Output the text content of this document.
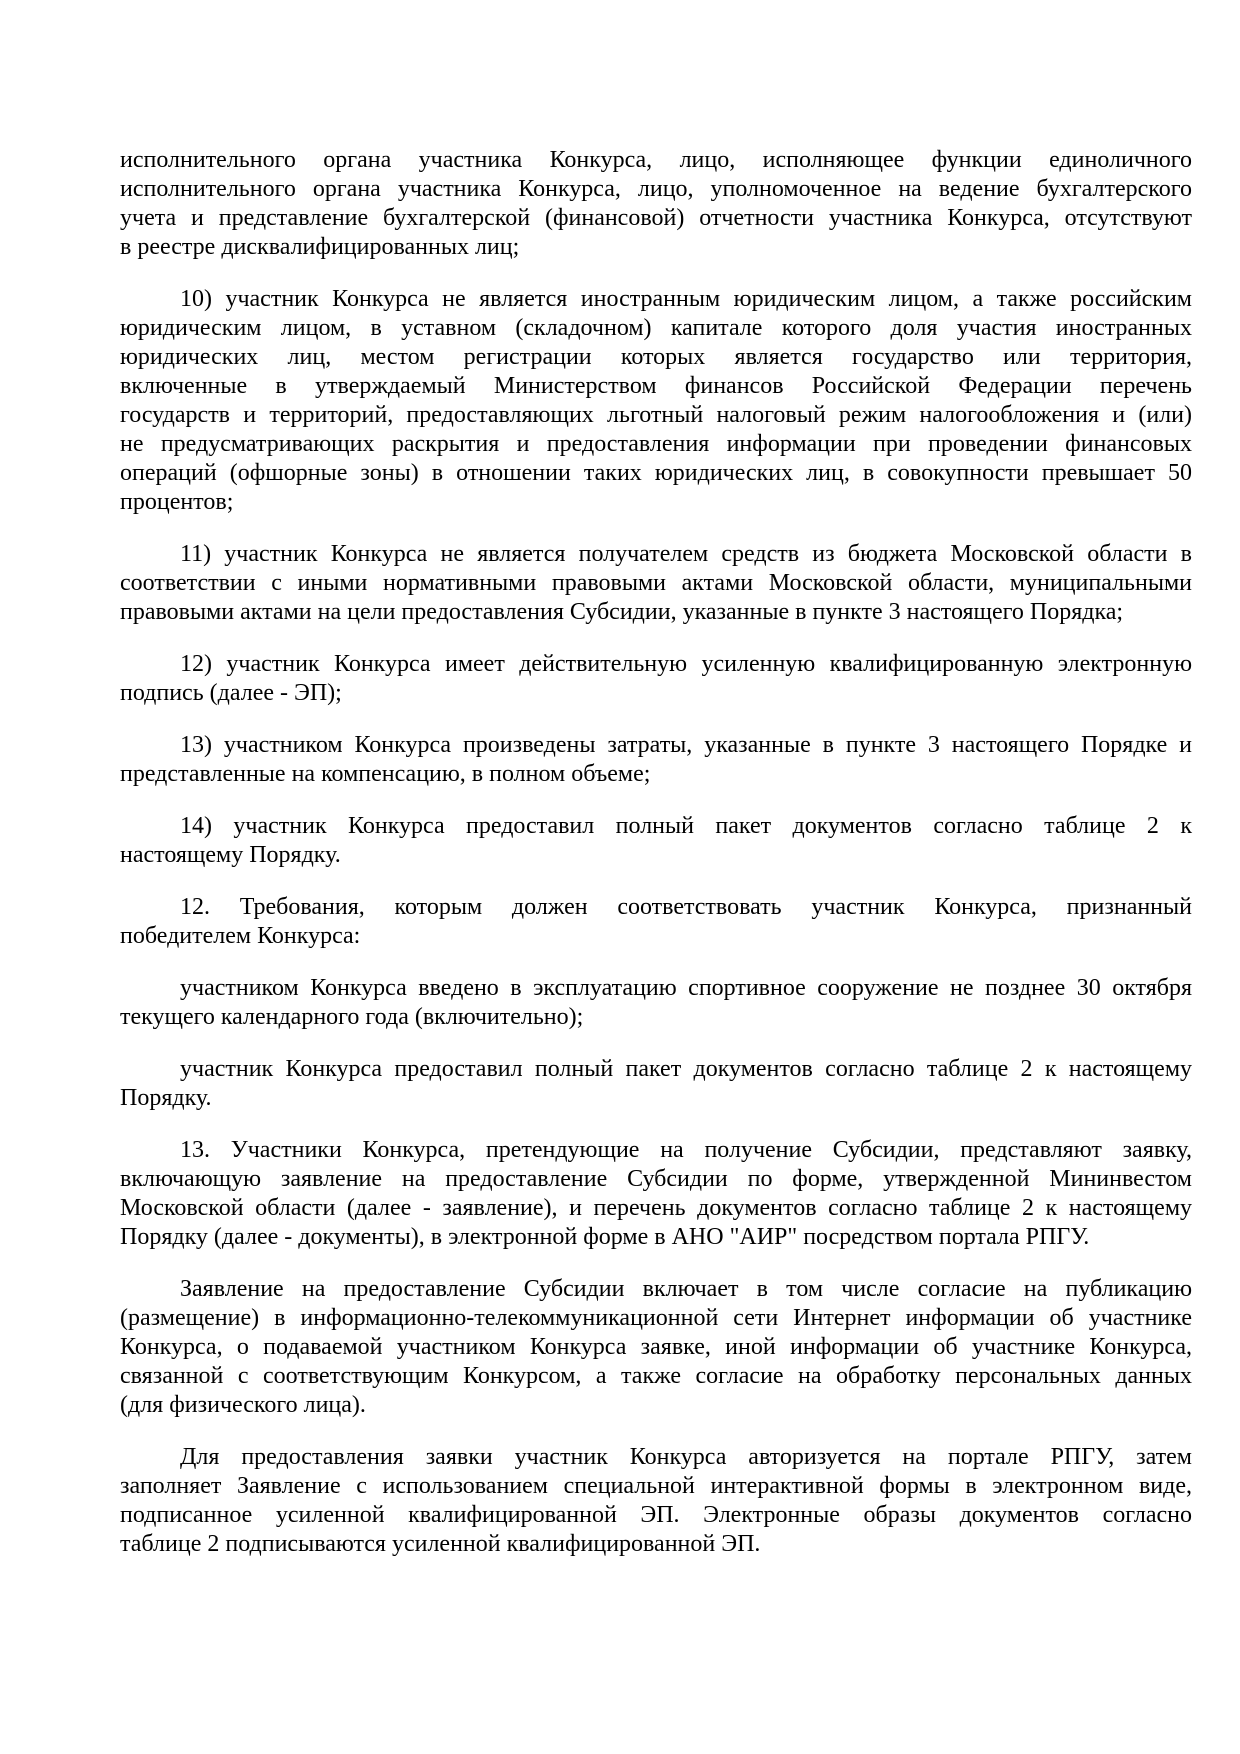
исполнительного органа участника Конкурса, лицо, исполняющее функции единоличного
исполнительного органа участника Конкурса, лицо, уполномоченное на ведение бухгалтерского
учета и представление бухгалтерской (финансовой) отчетности участника Конкурса, отсутствуют
в реестре дисквалифицированных лиц;
10) участник Конкурса не является иностранным юридическим лицом, а также российским
юридическим лицом, в уставном (складочном) капитале которого доля участия иностранных
юридических лиц, местом регистрации которых является государство или территория,
включенные в утверждаемый Министерством финансов Российской Федерации перечень
государств и территорий, предоставляющих льготный налоговый режим налогообложения и (или)
не предусматривающих раскрытия и предоставления информации при проведении финансовых
операций (офшорные зоны) в отношении таких юридических лиц, в совокупности превышает 50
процентов;
11) участник Конкурса не является получателем средств из бюджета Московской области в
соответствии с иными нормативными правовыми актами Московской области, муниципальными
правовыми актами на цели предоставления Субсидии, указанные в пункте 3 настоящего Порядка;
12) участник Конкурса имеет действительную усиленную квалифицированную электронную
подпись (далее - ЭП);
13) участником Конкурса произведены затраты, указанные в пункте 3 настоящего Порядке и
представленные на компенсацию, в полном объеме;
14) участник Конкурса предоставил полный пакет документов согласно таблице 2 к
настоящему Порядку.
12. Требования, которым должен соответствовать участник Конкурса, признанный
победителем Конкурса:
участником Конкурса введено в эксплуатацию спортивное сооружение не позднее 30 октября
текущего календарного года (включительно);
участник Конкурса предоставил полный пакет документов согласно таблице 2 к настоящему
Порядку.
13. Участники Конкурса, претендующие на получение Субсидии, представляют заявку,
включающую заявление на предоставление Субсидии по форме, утвержденной Мининвестом
Московской области (далее - заявление), и перечень документов согласно таблице 2 к настоящему
Порядку (далее - документы), в электронной форме в АНО "АИР" посредством портала РПГУ.
Заявление на предоставление Субсидии включает в том числе согласие на публикацию
(размещение) в информационно-телекоммуникационной сети Интернет информации об участнике
Конкурса, о подаваемой участником Конкурса заявке, иной информации об участнике Конкурса,
связанной с соответствующим Конкурсом, а также согласие на обработку персональных данных
(для физического лица).
Для предоставления заявки участник Конкурса авторизуется на портале РПГУ, затем
заполняет Заявление с использованием специальной интерактивной формы в электронном виде,
подписанное усиленной квалифицированной ЭП. Электронные образы документов согласно
таблице 2 подписываются усиленной квалифицированной ЭП.
